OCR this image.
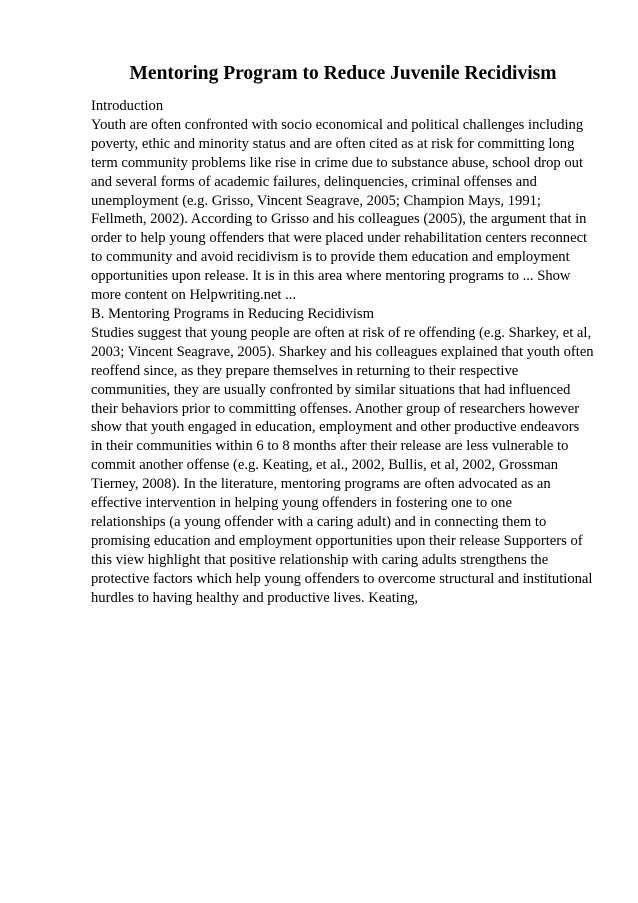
Mentoring Program to Reduce Juvenile Recidivism
Introduction
Youth are often confronted with socio economical and political challenges including
poverty, ethic and minority status and are often cited as at risk for committing long
term community problems like rise in crime due to substance abuse, school drop out
and several forms of academic failures, delinquencies, criminal offenses and
unemployment (e.g. Grisso, Vincent Seagrave, 2005; Champion Mays, 1991;
Fellmeth, 2002). According to Grisso and his colleagues (2005), the argument that in
order to help young offenders that were placed under rehabilitation centers reconnect
to community and avoid recidivism is to provide them education and employment
opportunities upon release. It is in this area where mentoring programs to ... Show
more content on Helpwriting.net ...
B. Mentoring Programs in Reducing Recidivism
Studies suggest that young people are often at risk of re offending (e.g. Sharkey, et al,
2003; Vincent Seagrave, 2005). Sharkey and his colleagues explained that youth often
reoffend since, as they prepare themselves in returning to their respective
communities, they are usually confronted by similar situations that had influenced
their behaviors prior to committing offenses. Another group of researchers however
show that youth engaged in education, employment and other productive endeavors
in their communities within 6 to 8 months after their release are less vulnerable to
commit another offense (e.g. Keating, et al., 2002, Bullis, et al, 2002, Grossman
Tierney, 2008). In the literature, mentoring programs are often advocated as an
effective intervention in helping young offenders in fostering one to one
relationships (a young offender with a caring adult) and in connecting them to
promising education and employment opportunities upon their release Supporters of
this view highlight that positive relationship with caring adults strengthens the
protective factors which help young offenders to overcome structural and institutional
hurdles to having healthy and productive lives. Keating,
